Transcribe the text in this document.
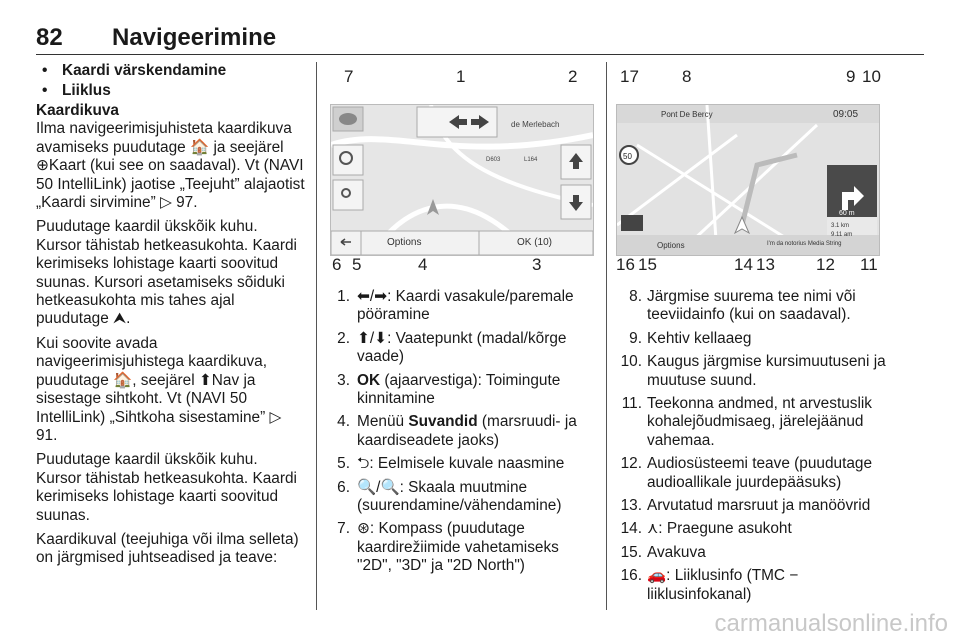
82 Navigeerimine
• Kaardi värskendamine
• Liiklus
Kaardikuva

Ilma navigeerimisjuhisteta kaardikuva avamiseks puudutage 🏠 ja seejärel ⊕Kaart (kui see on saadaval). Vt (NAVI 50 IntelliLink) jaotise „Teejuht” alajaotist „Kaardi sirvimine” ▷ 97.

Puudutage kaardil ükskõik kuhu. Kursor tähistab hetkeasukohta. Kaardi kerimiseks lohistage kaarti soovitud suunas. Kursori asetamiseks sõiduki hetkeasukohta mis tahes ajal puudutage ⮝.

Kui soovite avada navigeerimisjuhistega kaardikuva, puudutage 🏠, seejärel ⬆Nav ja sisestage sihtkoht. Vt (NAVI 50 IntelliLink) „Sihtkoha sisestamine” ▷ 91.

Puudutage kaardil ükskõik kuhu. Kursor tähistab hetkeasukohta. Kaardi kerimiseks lohistage kaarti soovitud suunas.

Kaardikuval (teejuhiga või ilma selleta) on järgmised juhtseadised ja teave:

7	1	2
de Merlebach
D603	L164
Options	OK (10)
6 5	4	3
1. ⬅/➡: Kaardi vasakule/paremale pööramine
2. ⬆/⬇: Vaatepunkt (madal/kõrge vaade)
3. OK (ajaarvestiga): Toimingute kinnitamine
4. Menüü Suvandid (marsruudi- ja kaardiseadete jaoks)
5. ⮌: Eelmisele kuvale naasmine
6. 🔍/🔍: Skaala muutmine (suurendamine/vähendamine)
7. ⊛: Kompass (puudutage kaardirežiimide vahetamiseks "2D", "3D" ja "2D North")
17	8	9 10
50
Pont De Bercy	09:05
60 m
3.1 km
9.11 am
Options	I'm da notorius Media String
16 15	14 13 12 11
8. Järgmise suurema tee nimi või teeviidainfo (kui on saadaval).
9. Kehtiv kellaaeg
10. Kaugus järgmise kursimuutuseni ja muutuse suund.
11. Teekonna andmed, nt arvestuslik kohalejõudmisaeg, järelejäänud vahemaa.
12. Audiosüsteemi teave (puudutage audioallikale juurdepääsuks)
13. Arvutatud marsruut ja manöövrid
14. ⋏: Praegune asukoht
15. Avakuva
16. 🚗: Liiklusinfo (TMC − liiklusinfokanal)
carmanualsonline.info
